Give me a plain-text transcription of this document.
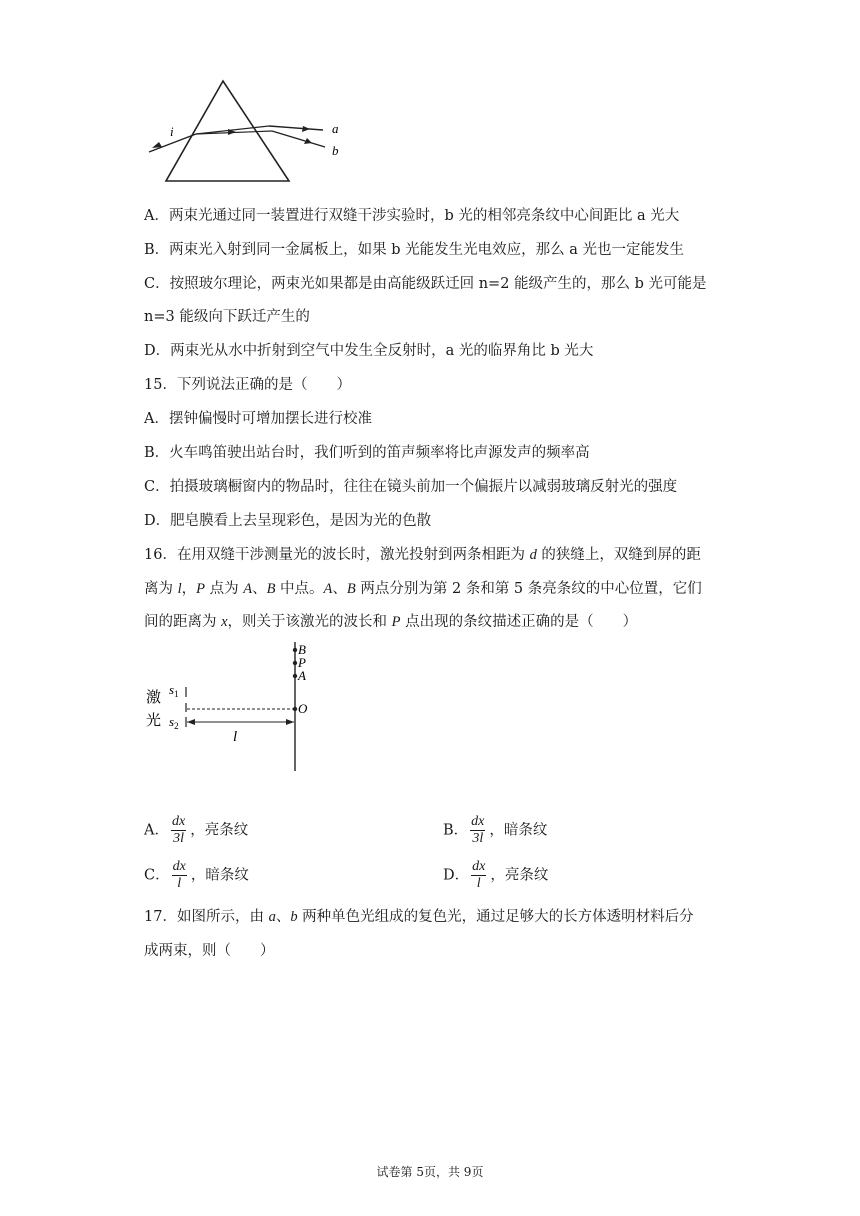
i	a
b
A．两束光通过同一装置进行双缝干涉实验时，b 光的相邻亮条纹中心间距比 a 光大
B．两束光入射到同一金属板上，如果 b 光能发生光电效应，那么 a 光也一定能发生
C．按照玻尔理论，两束光如果都是由高能级跃迁回 n=2 能级产生的，那么 b 光可能是
n=3 能级向下跃迁产生的
D．两束光从水中折射到空气中发生全反射时，a 光的临界角比 b 光大
15．下列说法正确的是（　　）
A．摆钟偏慢时可增加摆长进行校准
B．火车鸣笛驶出站台时，我们听到的笛声频率将比声源发声的频率高
C．拍摄玻璃橱窗内的物品时，往往在镜头前加一个偏振片以减弱玻璃反射光的强度
D．肥皂膜看上去呈现彩色，是因为光的色散
16．在用双缝干涉测量光的波长时，激光投射到两条相距为 d 的狭缝上，双缝到屏的距
离为 l，P 点为 A、B 中点。A、B 两点分别为第 2 条和第 5 条亮条纹的中心位置，它们
间的距离为 x，则关于该激光的波长和 P 点出现的条纹描述正确的是（　　）
激
光
$s_1$
$s_2$
l
B
P
A
O
A． $\frac{dx}{3l}$ ，亮条纹	B． $\frac{dx}{3l}$ ，暗条纹
C． $\frac{dx}{l}$ ，暗条纹	D． $\frac{dx}{l}$ ，亮条纹
17．如图所示，由 a、b 两种单色光组成的复色光，通过足够大的长方体透明材料后分
成两束，则（　　）
试卷第 5页，共 9页
